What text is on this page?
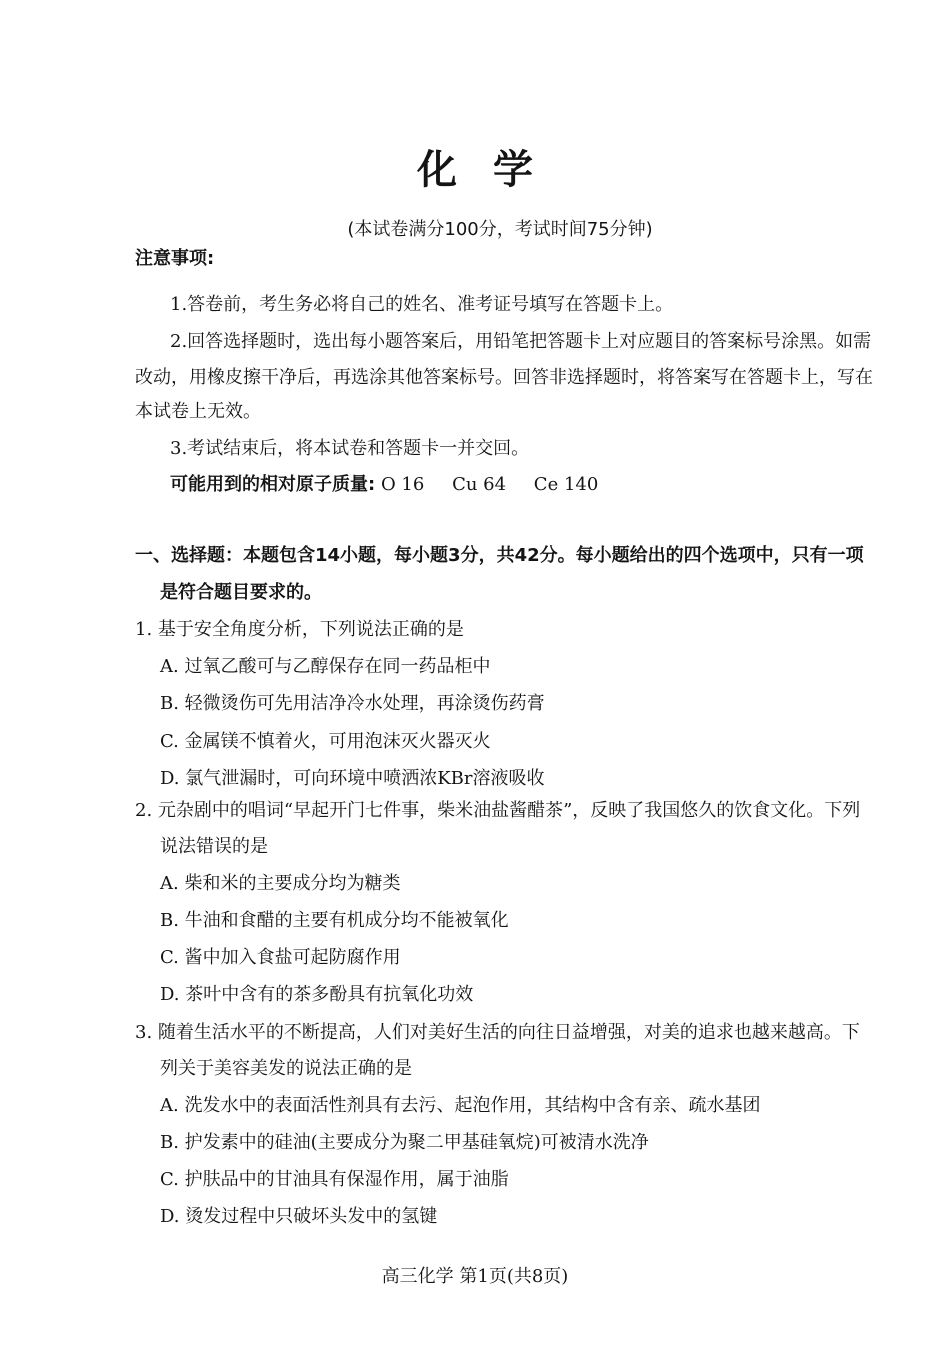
化学
(本试卷满分100分，考试时间75分钟)
注意事项:
1.答卷前，考生务必将自己的姓名、准考证号填写在答题卡上。
2.回答选择题时，选出每小题答案后，用铅笔把答题卡上对应题目的答案标号涂黑。如需
改动，用橡皮擦干净后，再选涂其他答案标号。回答非选择题时，将答案写在答题卡上，写在
本试卷上无效。
3.考试结束后，将本试卷和答题卡一并交回。
可能用到的相对原子质量: O 16 Cu 64 Ce 140
一、选择题：本题包含14小题，每小题3分，共42分。每小题给出的四个选项中，只有一项
是符合题目要求的。
1. 基于安全角度分析，下列说法正确的是
A. 过氧乙酸可与乙醇保存在同一药品柜中
B. 轻微烫伤可先用洁净冷水处理，再涂烫伤药膏
C. 金属镁不慎着火，可用泡沫灭火器灭火
D. 氯气泄漏时，可向环境中喷洒浓KBr溶液吸收
2. 元杂剧中的唱词“早起开门七件事，柴米油盐酱醋茶”，反映了我国悠久的饮食文化。下列
说法错误的是
A. 柴和米的主要成分均为糖类
B. 牛油和食醋的主要有机成分均不能被氧化
C. 酱中加入食盐可起防腐作用
D. 茶叶中含有的茶多酚具有抗氧化功效
3. 随着生活水平的不断提高，人们对美好生活的向往日益增强，对美的追求也越来越高。下
列关于美容美发的说法正确的是
A. 洗发水中的表面活性剂具有去污、起泡作用，其结构中含有亲、疏水基团
B. 护发素中的硅油(主要成分为聚二甲基硅氧烷)可被清水洗净
C. 护肤品中的甘油具有保湿作用，属于油脂
D. 烫发过程中只破坏头发中的氢键
高三化学 第1页(共8页)
